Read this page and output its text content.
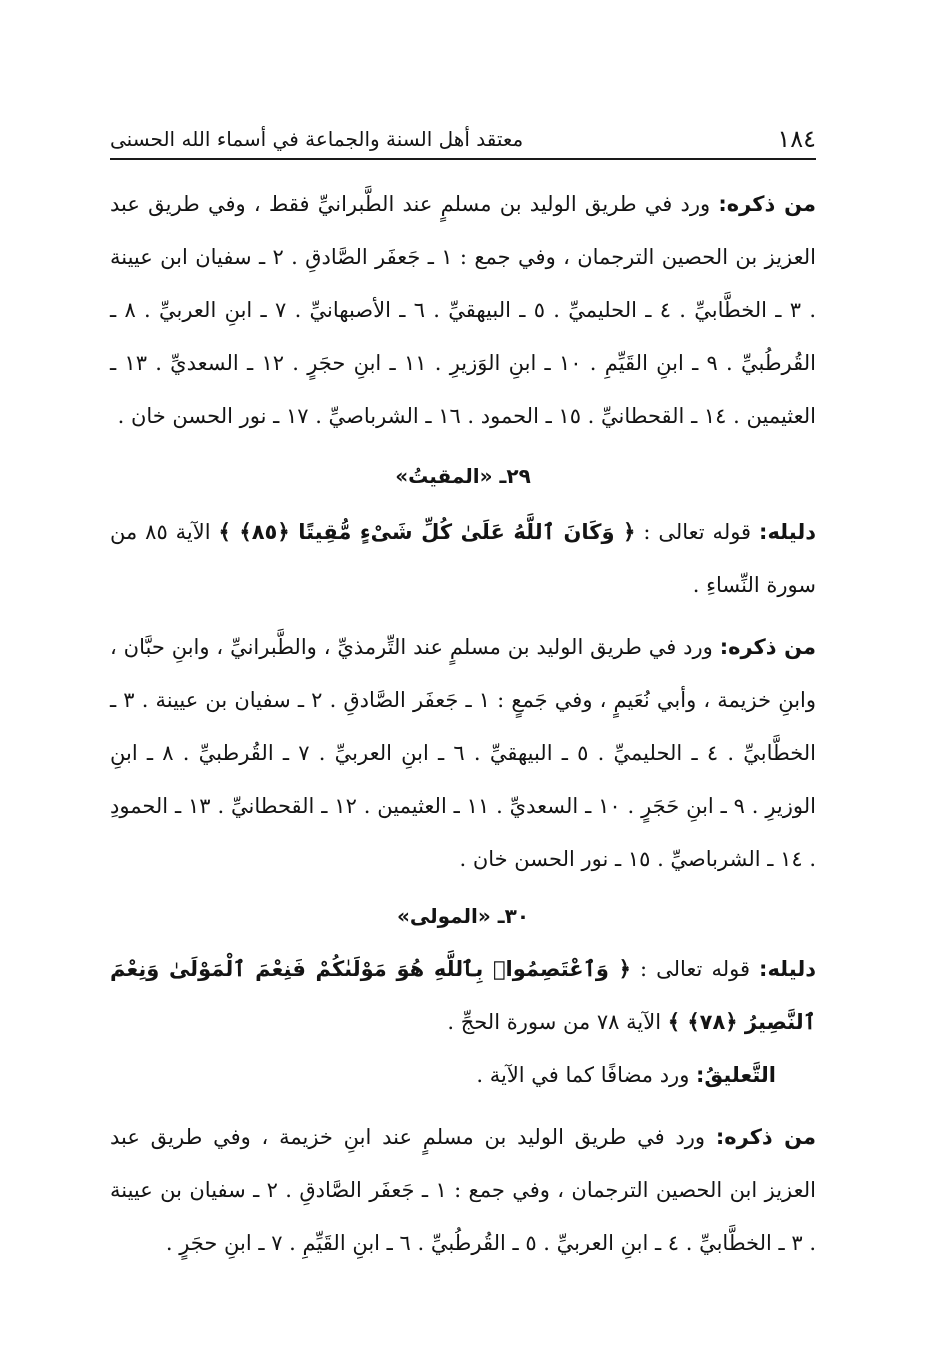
١٨٤
معتقد أهل السنة والجماعة في أسماء الله الحسنى

من ذكره: ورد في طريق الوليد بن مسلمٍ عند الطَّبرانيِّ فقط ، وفي طريق عبد العزيز بن الحصين الترجمان ، وفي جمع : ١ ـ جَعفَر الصَّادقِ . ٢ ـ سفيان ابن عيينة . ٣ ـ الخطَّابيِّ . ٤ ـ الحليميِّ . ٥ ـ البيهقيِّ . ٦ ـ الأصبهانيِّ . ٧ ـ ابنِ العربيِّ . ٨ ـ القُرطُبيِّ . ٩ ـ ابنِ القَيِّمِ . ١٠ ـ ابنِ الوَزيرِ . ١١ ـ ابنِ حجَرٍ . ١٢ ـ السعديِّ . ١٣ ـ العثيمين . ١٤ ـ القحطانيِّ . ١٥ ـ الحمود . ١٦ ـ الشرباصيِّ . ١٧ ـ نور الحسن خان .

٢٩ـ «المقيتُ»

دليله: قوله تعالى : ﴿ وَكَانَ ٱللَّهُ عَلَىٰ كُلِّ شَىْءٍ مُّقِيتًا ﴿٨٥﴾ ﴾ الآية ٨٥ من سورة النِّساءِ .

من ذكره: ورد في طريق الوليد بن مسلمٍ عند التِّرمذيِّ ، والطَّبرانيِّ ، وابنِ حبَّان ، وابنِ خزيمة ، وأبي نُعَيمٍ ، وفي جَمعٍ : ١ ـ جَعفَر الصَّادقِ . ٢ ـ سفيان بن عيينة . ٣ ـ الخطَّابيِّ . ٤ ـ الحليميِّ . ٥ ـ البيهقيِّ . ٦ ـ ابنِ العربيِّ . ٧ ـ القُرطبيِّ . ٨ ـ ابنِ الوزيرِ . ٩ ـ ابنِ حَجَرٍ . ١٠ ـ السعديِّ . ١١ ـ العثيمين . ١٢ ـ القحطانيِّ . ١٣ ـ الحمودِ . ١٤ ـ الشرباصيِّ . ١٥ ـ نور الحسن خان .

٣٠ـ «المولى»

دليله: قوله تعالى : ﴿ وَٱعْتَصِمُوا۟ بِٱللَّهِ هُوَ مَوْلَىٰكُمْ فَنِعْمَ ٱلْمَوْلَىٰ وَنِعْمَ ٱلنَّصِيرُ ﴿٧٨﴾ ﴾ الآية ٧٨ من سورة الحجِّ .

التَّعليقُ: ورد مضافًا كما في الآية .

من ذكره: ورد في طريق الوليد بن مسلمٍ عند ابنِ خزيمة ، وفي طريق عبد العزيز ابن الحصين الترجمان ، وفي جمع : ١ ـ جَعفَر الصَّادقِ . ٢ ـ سفيان بن عيينة . ٣ ـ الخطَّابيِّ . ٤ ـ ابنِ العربيِّ . ٥ ـ القُرطُبيِّ . ٦ ـ ابنِ القَيِّمِ . ٧ ـ ابنِ حجَرٍ .
